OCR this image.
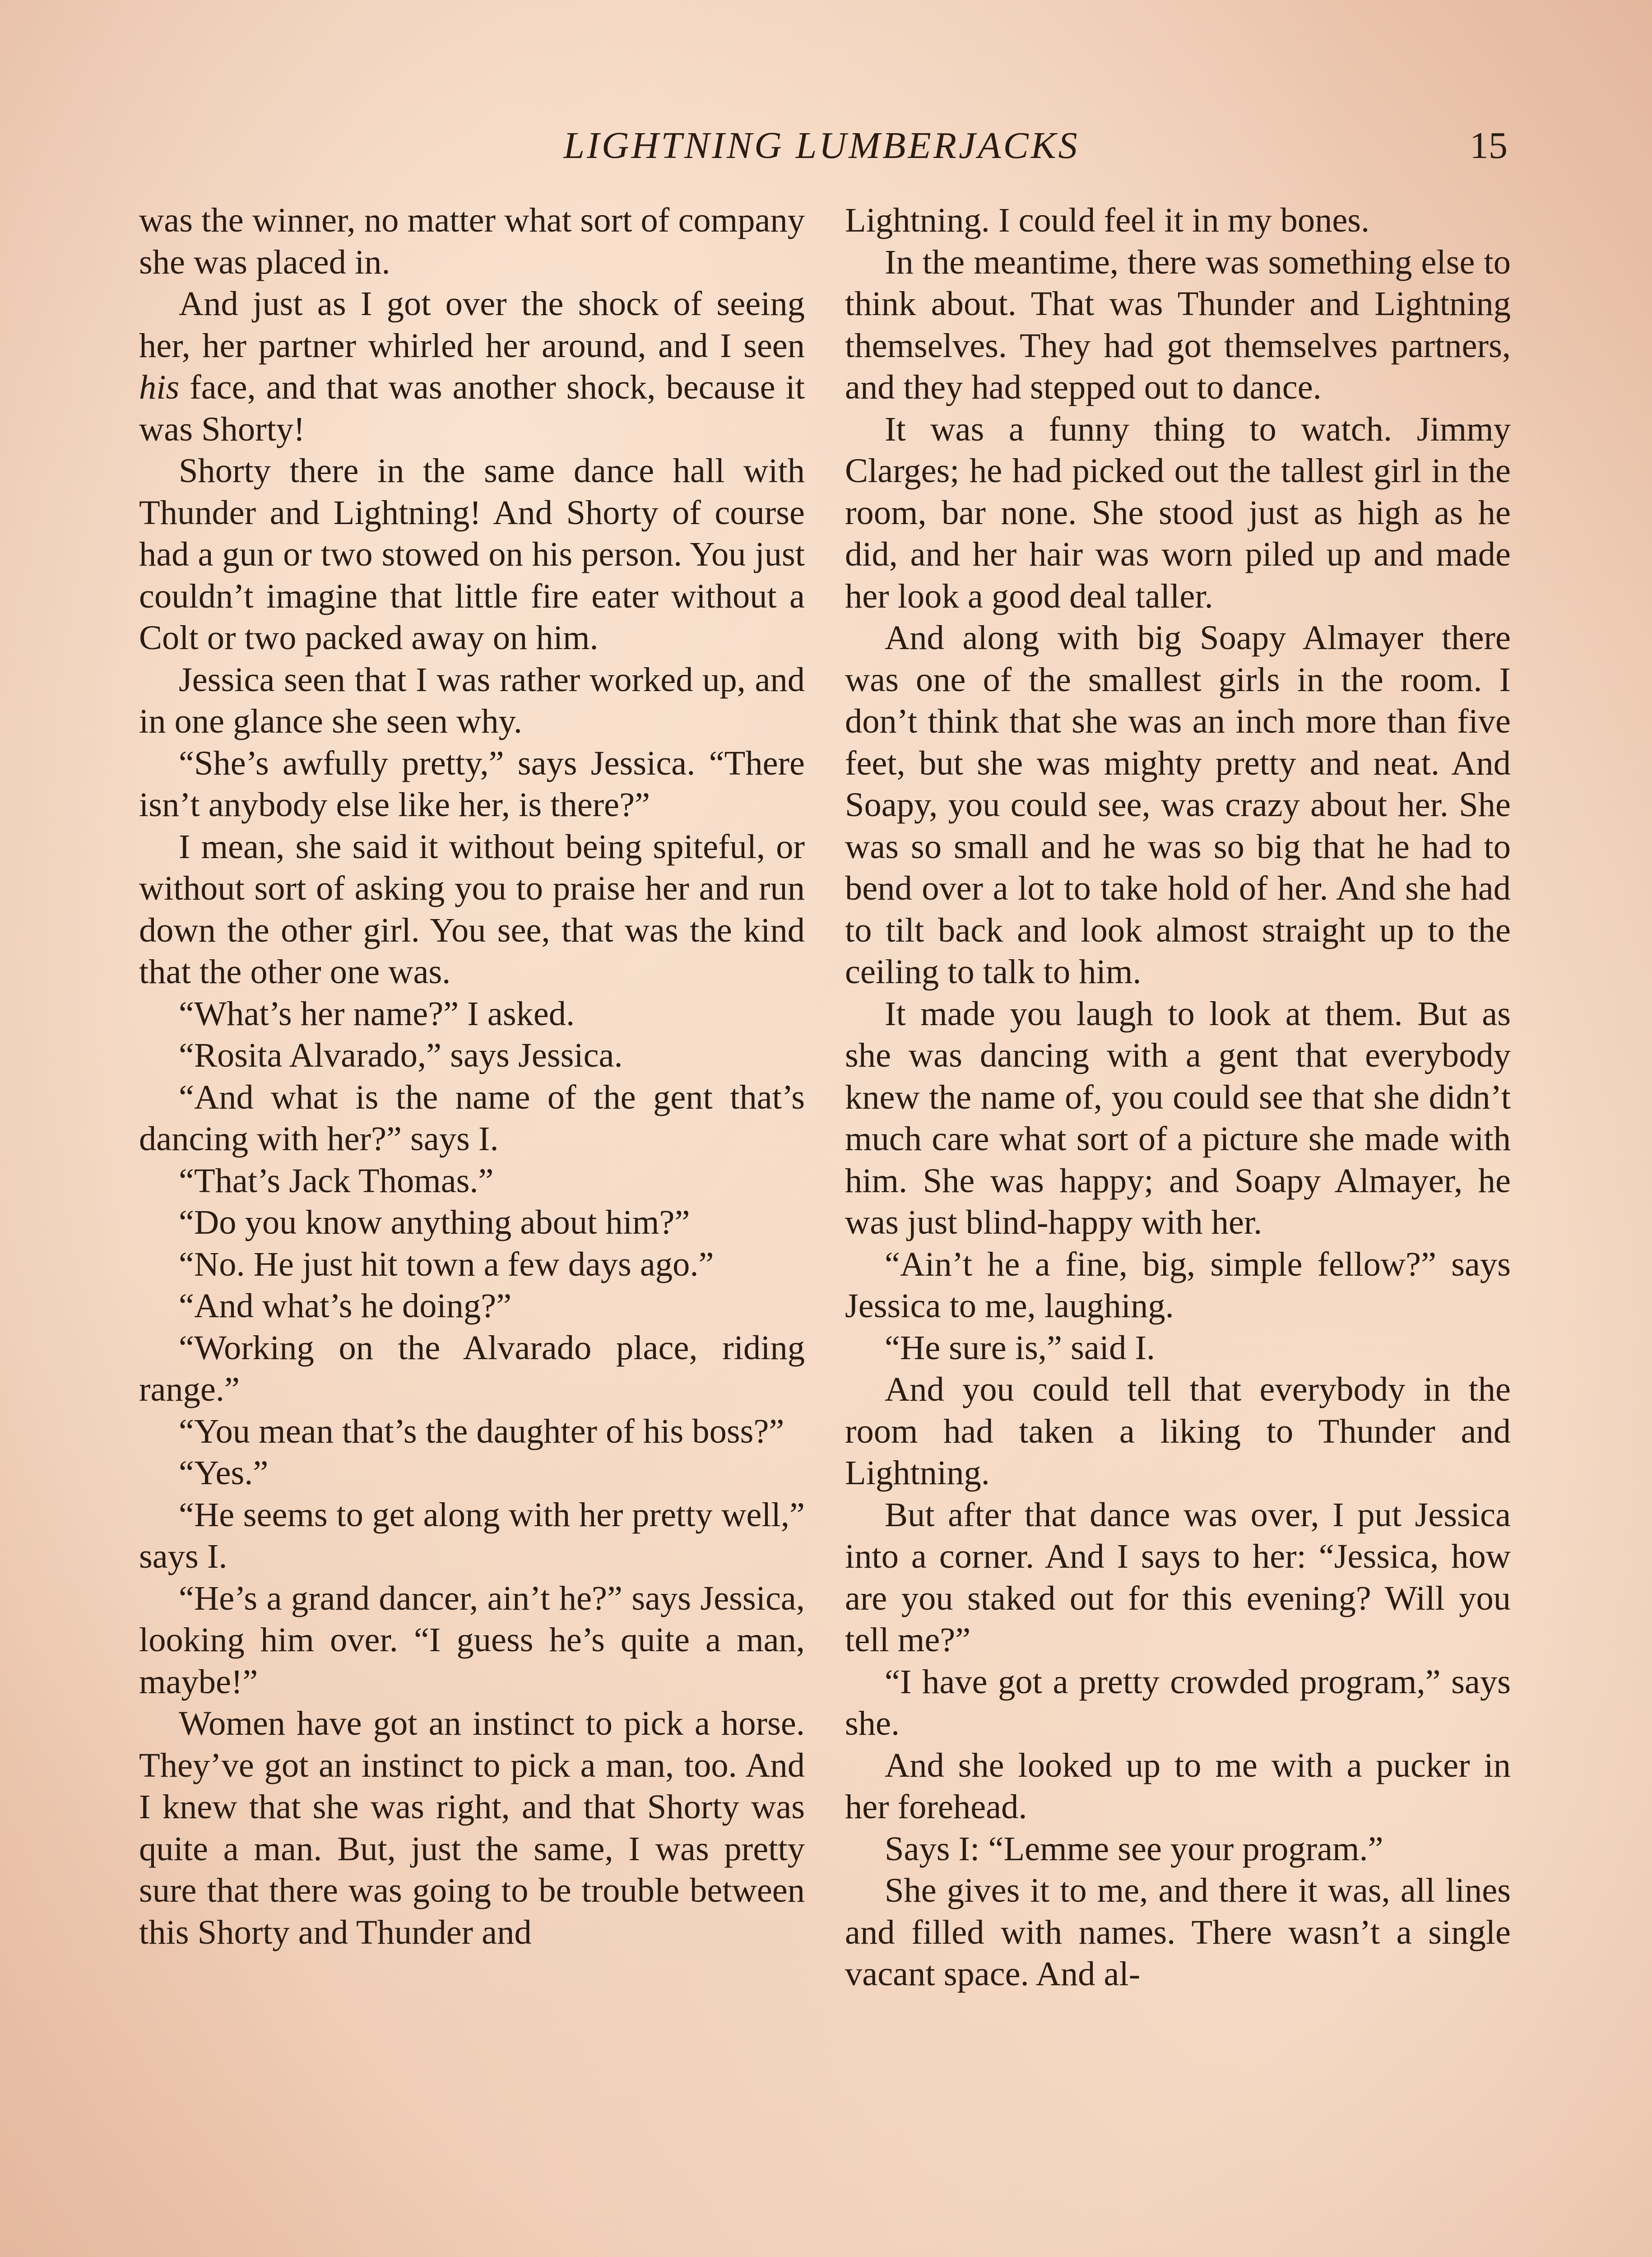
LIGHTNING LUMBERJACKS	15

was the winner, no matter what sort of company she was placed in.

And just as I got over the shock of seeing her, her partner whirled her around, and I seen his face, and that was another shock, because it was Shorty!

Shorty there in the same dance hall with Thunder and Lightning! And Shorty of course had a gun or two stowed on his person. You just couldn’t imagine that little fire eater without a Colt or two packed away on him.

Jessica seen that I was rather worked up, and in one glance she seen why.

“She’s awfully pretty,” says Jessica. “There isn’t anybody else like her, is there?”

I mean, she said it without being spiteful, or without sort of asking you to praise her and run down the other girl. You see, that was the kind that the other one was.

“What’s her name?” I asked.

“Rosita Alvarado,” says Jessica.

“And what is the name of the gent that’s dancing with her?” says I.

“That’s Jack Thomas.”

“Do you know anything about him?”

“No. He just hit town a few days ago.”

“And what’s he doing?”

“Working on the Alvarado place, riding range.”

“You mean that’s the daughter of his boss?”

“Yes.”

“He seems to get along with her pretty well,” says I.

“He’s a grand dancer, ain’t he?” says Jessica, looking him over. “I guess he’s quite a man, maybe!”

Women have got an instinct to pick a horse. They’ve got an instinct to pick a man, too. And I knew that she was right, and that Shorty was quite a man. But, just the same, I was pretty sure that there was going to be trouble between this Shorty and Thunder and

Lightning. I could feel it in my bones.

In the meantime, there was something else to think about. That was Thunder and Lightning themselves. They had got themselves partners, and they had stepped out to dance.

It was a funny thing to watch. Jimmy Clarges; he had picked out the tallest girl in the room, bar none. She stood just as high as he did, and her hair was worn piled up and made her look a good deal taller.

And along with big Soapy Almayer there was one of the smallest girls in the room. I don’t think that she was an inch more than five feet, but she was mighty pretty and neat. And Soapy, you could see, was crazy about her. She was so small and he was so big that he had to bend over a lot to take hold of her. And she had to tilt back and look almost straight up to the ceiling to talk to him.

It made you laugh to look at them. But as she was dancing with a gent that everybody knew the name of, you could see that she didn’t much care what sort of a picture she made with him. She was happy; and Soapy Almayer, he was just blind-happy with her.

“Ain’t he a fine, big, simple fellow?” says Jessica to me, laughing.

“He sure is,” said I.

And you could tell that everybody in the room had taken a liking to Thunder and Lightning.

But after that dance was over, I put Jessica into a corner. And I says to her: “Jessica, how are you staked out for this evening? Will you tell me?”

“I have got a pretty crowded program,” says she.

And she looked up to me with a pucker in her forehead.

Says I: “Lemme see your program.”

She gives it to me, and there it was, all lines and filled with names. There wasn’t a single vacant space. And al-
